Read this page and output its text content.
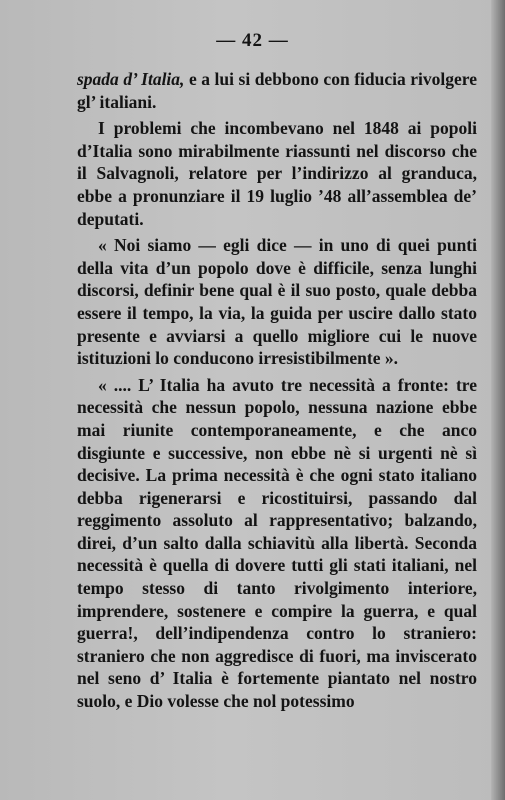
— 42 —

spada d’ Italia, e a lui si debbono con fiducia rivolgere gl’ italiani.

I problemi che incombevano nel 1848 ai popoli d’Italia sono mirabilmente riassunti nel discorso che il Salvagnoli, relatore per l’indirizzo al granduca, ebbe a pronunziare il 19 luglio ’48 all’assemblea de’ deputati.

« Noi siamo — egli dice — in uno di quei punti della vita d’un popolo dove è difficile, senza lunghi discorsi, definir bene qual è il suo posto, quale debba essere il tempo, la via, la guida per uscire dallo stato presente e avviarsi a quello migliore cui le nuove istituzioni lo conducono irresistibilmente ».

« .... L’ Italia ha avuto tre necessità a fronte: tre necessità che nessun popolo, nessuna nazione ebbe mai riunite contemporaneamente, e che anco disgiunte e successive, non ebbe nè si urgenti nè sì decisive. La prima necessità è che ogni stato italiano debba rigenerarsi e ricostituirsi, passando dal reggimento assoluto al rappresentativo; balzando, direi, d’un salto dalla schiavitù alla libertà. Seconda necessità è quella di dovere tutti gli stati italiani, nel tempo stesso di tanto rivolgimento interiore, imprendere, sostenere e compire la guerra, e qual guerra!, dell’indipendenza contro lo straniero: straniero che non aggredisce di fuori, ma inviscerato nel seno d’ Italia è fortemente piantato nel nostro suolo, e Dio volesse che nol potessimo
